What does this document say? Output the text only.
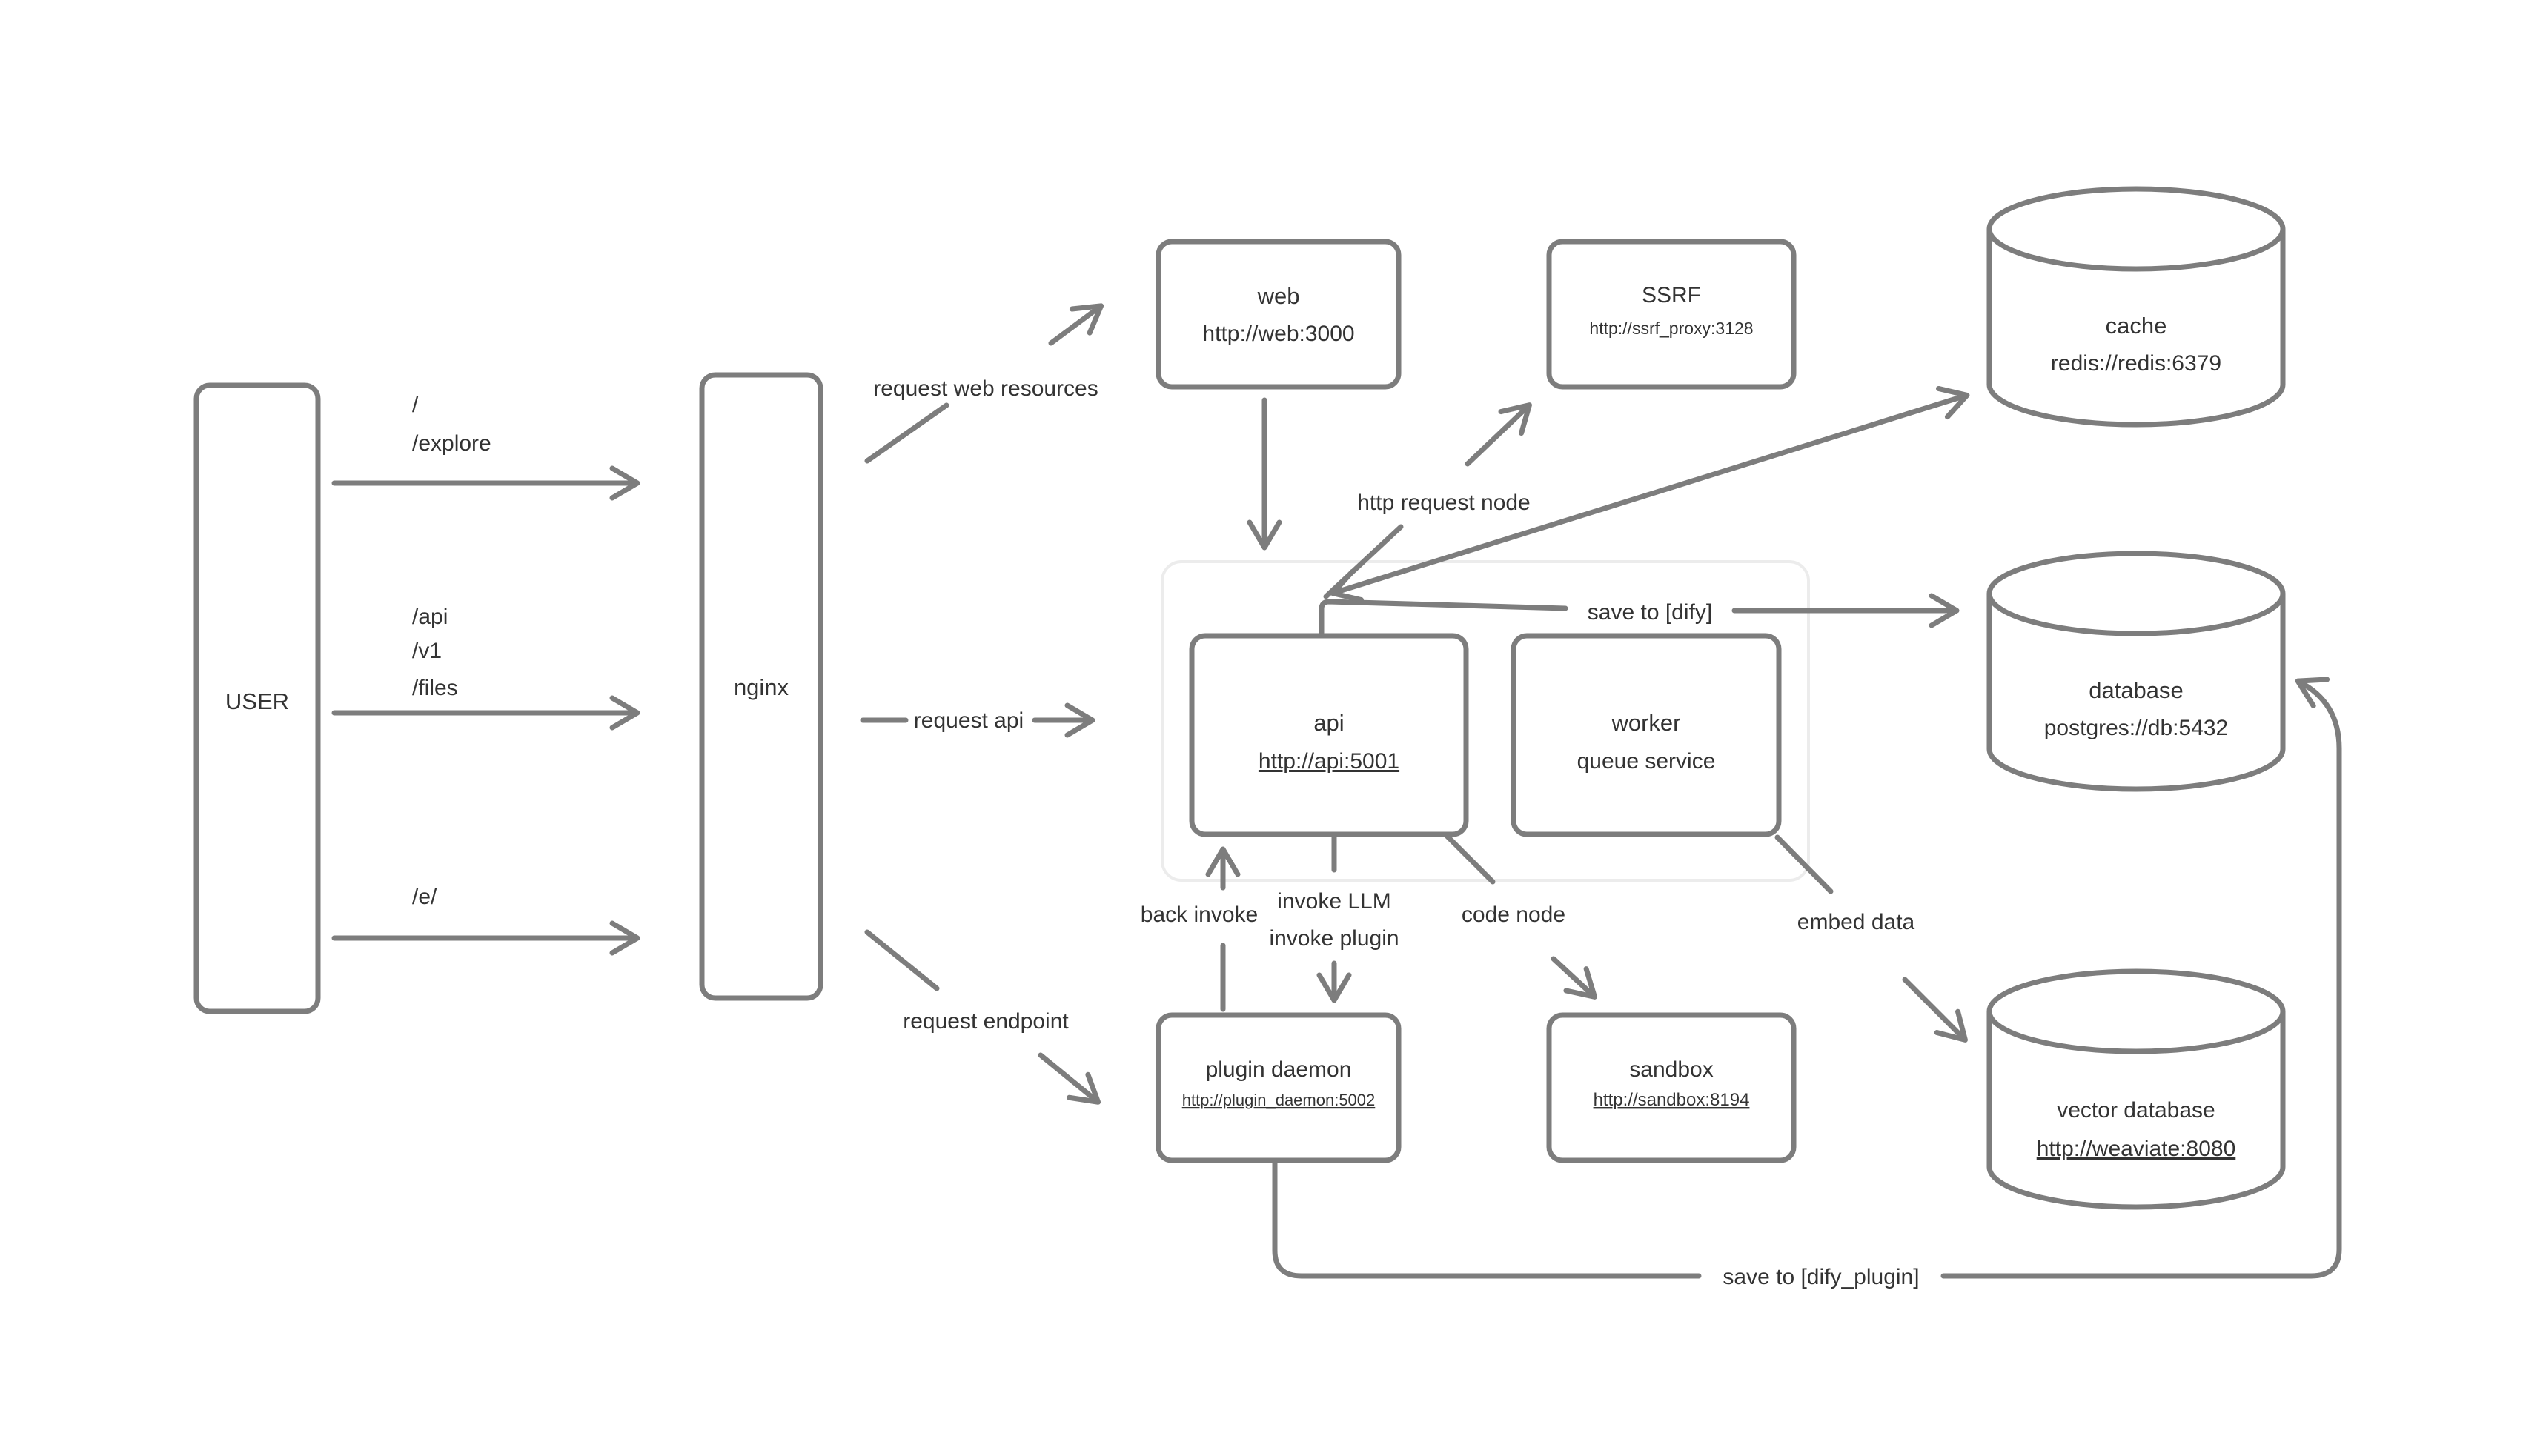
USER
nginx
web
http://web:3000
SSRF
http://ssrf_proxy:3128	cache
redis://redis:6379
api
http://api:5001
worker
queue service
database
postgres://db:5432
plugin daemon
http://plugin_daemon:5002
sandbox
http://sandbox:8194	vector database
http://weaviate:8080
/
/explore
/api
/v1
/files
/e/
request web resources
request api
request endpoint
http request node
save to [dify]
back invoke
invoke LLM
invoke plugin
code node	embed data
save to [dify_plugin]
